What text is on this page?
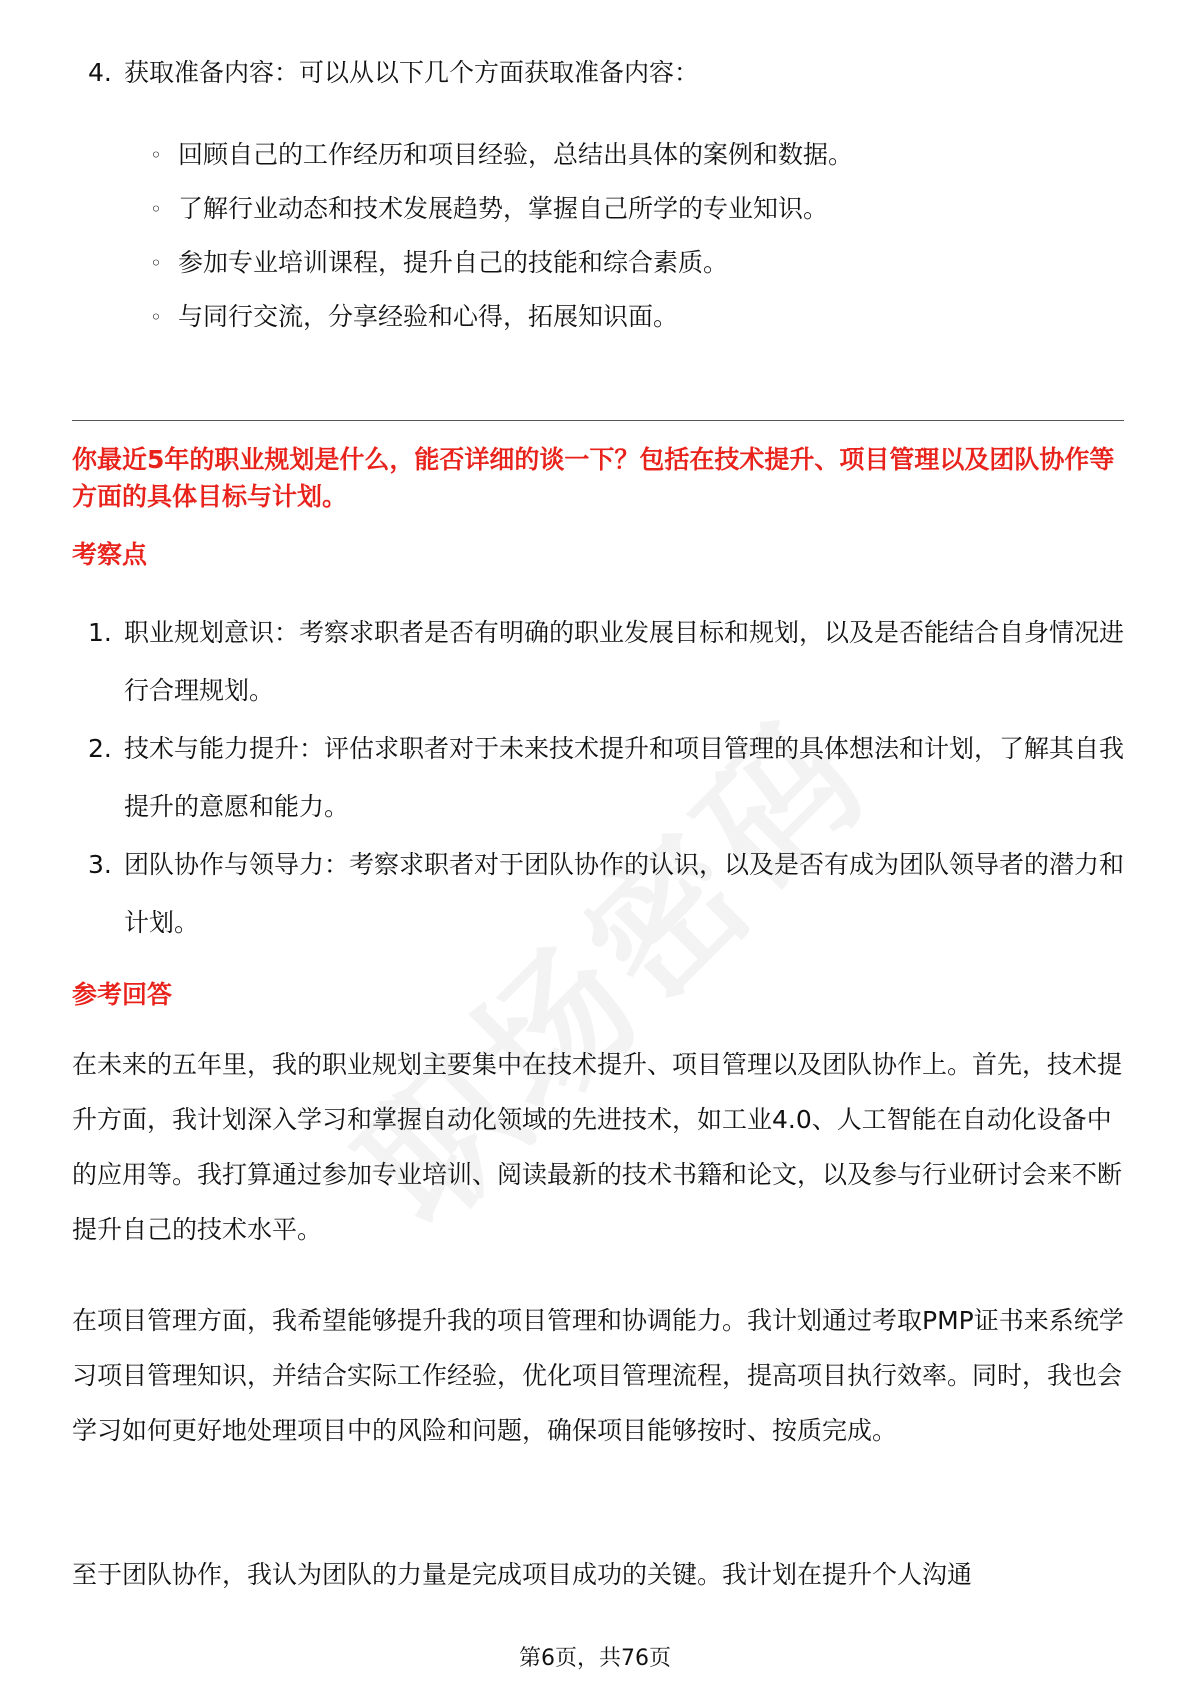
4. 获取准备内容：可以从以下几个方面获取准备内容：
◦ 回顾自己的工作经历和项目经验，总结出具体的案例和数据。
◦ 了解行业动态和技术发展趋势，掌握自己所学的专业知识。
◦ 参加专业培训课程，提升自己的技能和综合素质。
◦ 与同行交流，分享经验和心得，拓展知识面。
你最近5年的职业规划是什么，能否详细的谈一下？包括在技术提升、项目管理以及团队协作等方面的具体目标与计划。
考察点
1. 职业规划意识：考察求职者是否有明确的职业发展目标和规划，以及是否能结合自身情况进行合理规划。
2. 技术与能力提升：评估求职者对于未来技术提升和项目管理的具体想法和计划，了解其自我提升的意愿和能力。
3. 团队协作与领导力：考察求职者对于团队协作的认识，以及是否有成为团队领导者的潜力和计划。
参考回答
在未来的五年里，我的职业规划主要集中在技术提升、项目管理以及团队协作上。首先，技术提升方面，我计划深入学习和掌握自动化领域的先进技术，如工业4.0、人工智能在自动化设备中的应用等。我打算通过参加专业培训、阅读最新的技术书籍和论文，以及参与行业研讨会来不断提升自己的技术水平。
在项目管理方面，我希望能够提升我的项目管理和协调能力。我计划通过考取PMP证书来系统学习项目管理知识，并结合实际工作经验，优化项目管理流程，提高项目执行效率。同时，我也会学习如何更好地处理项目中的风险和问题，确保项目能够按时、按质完成。
至于团队协作，我认为团队的力量是完成项目成功的关键。我计划在提升个人沟通
第6页，共76页
